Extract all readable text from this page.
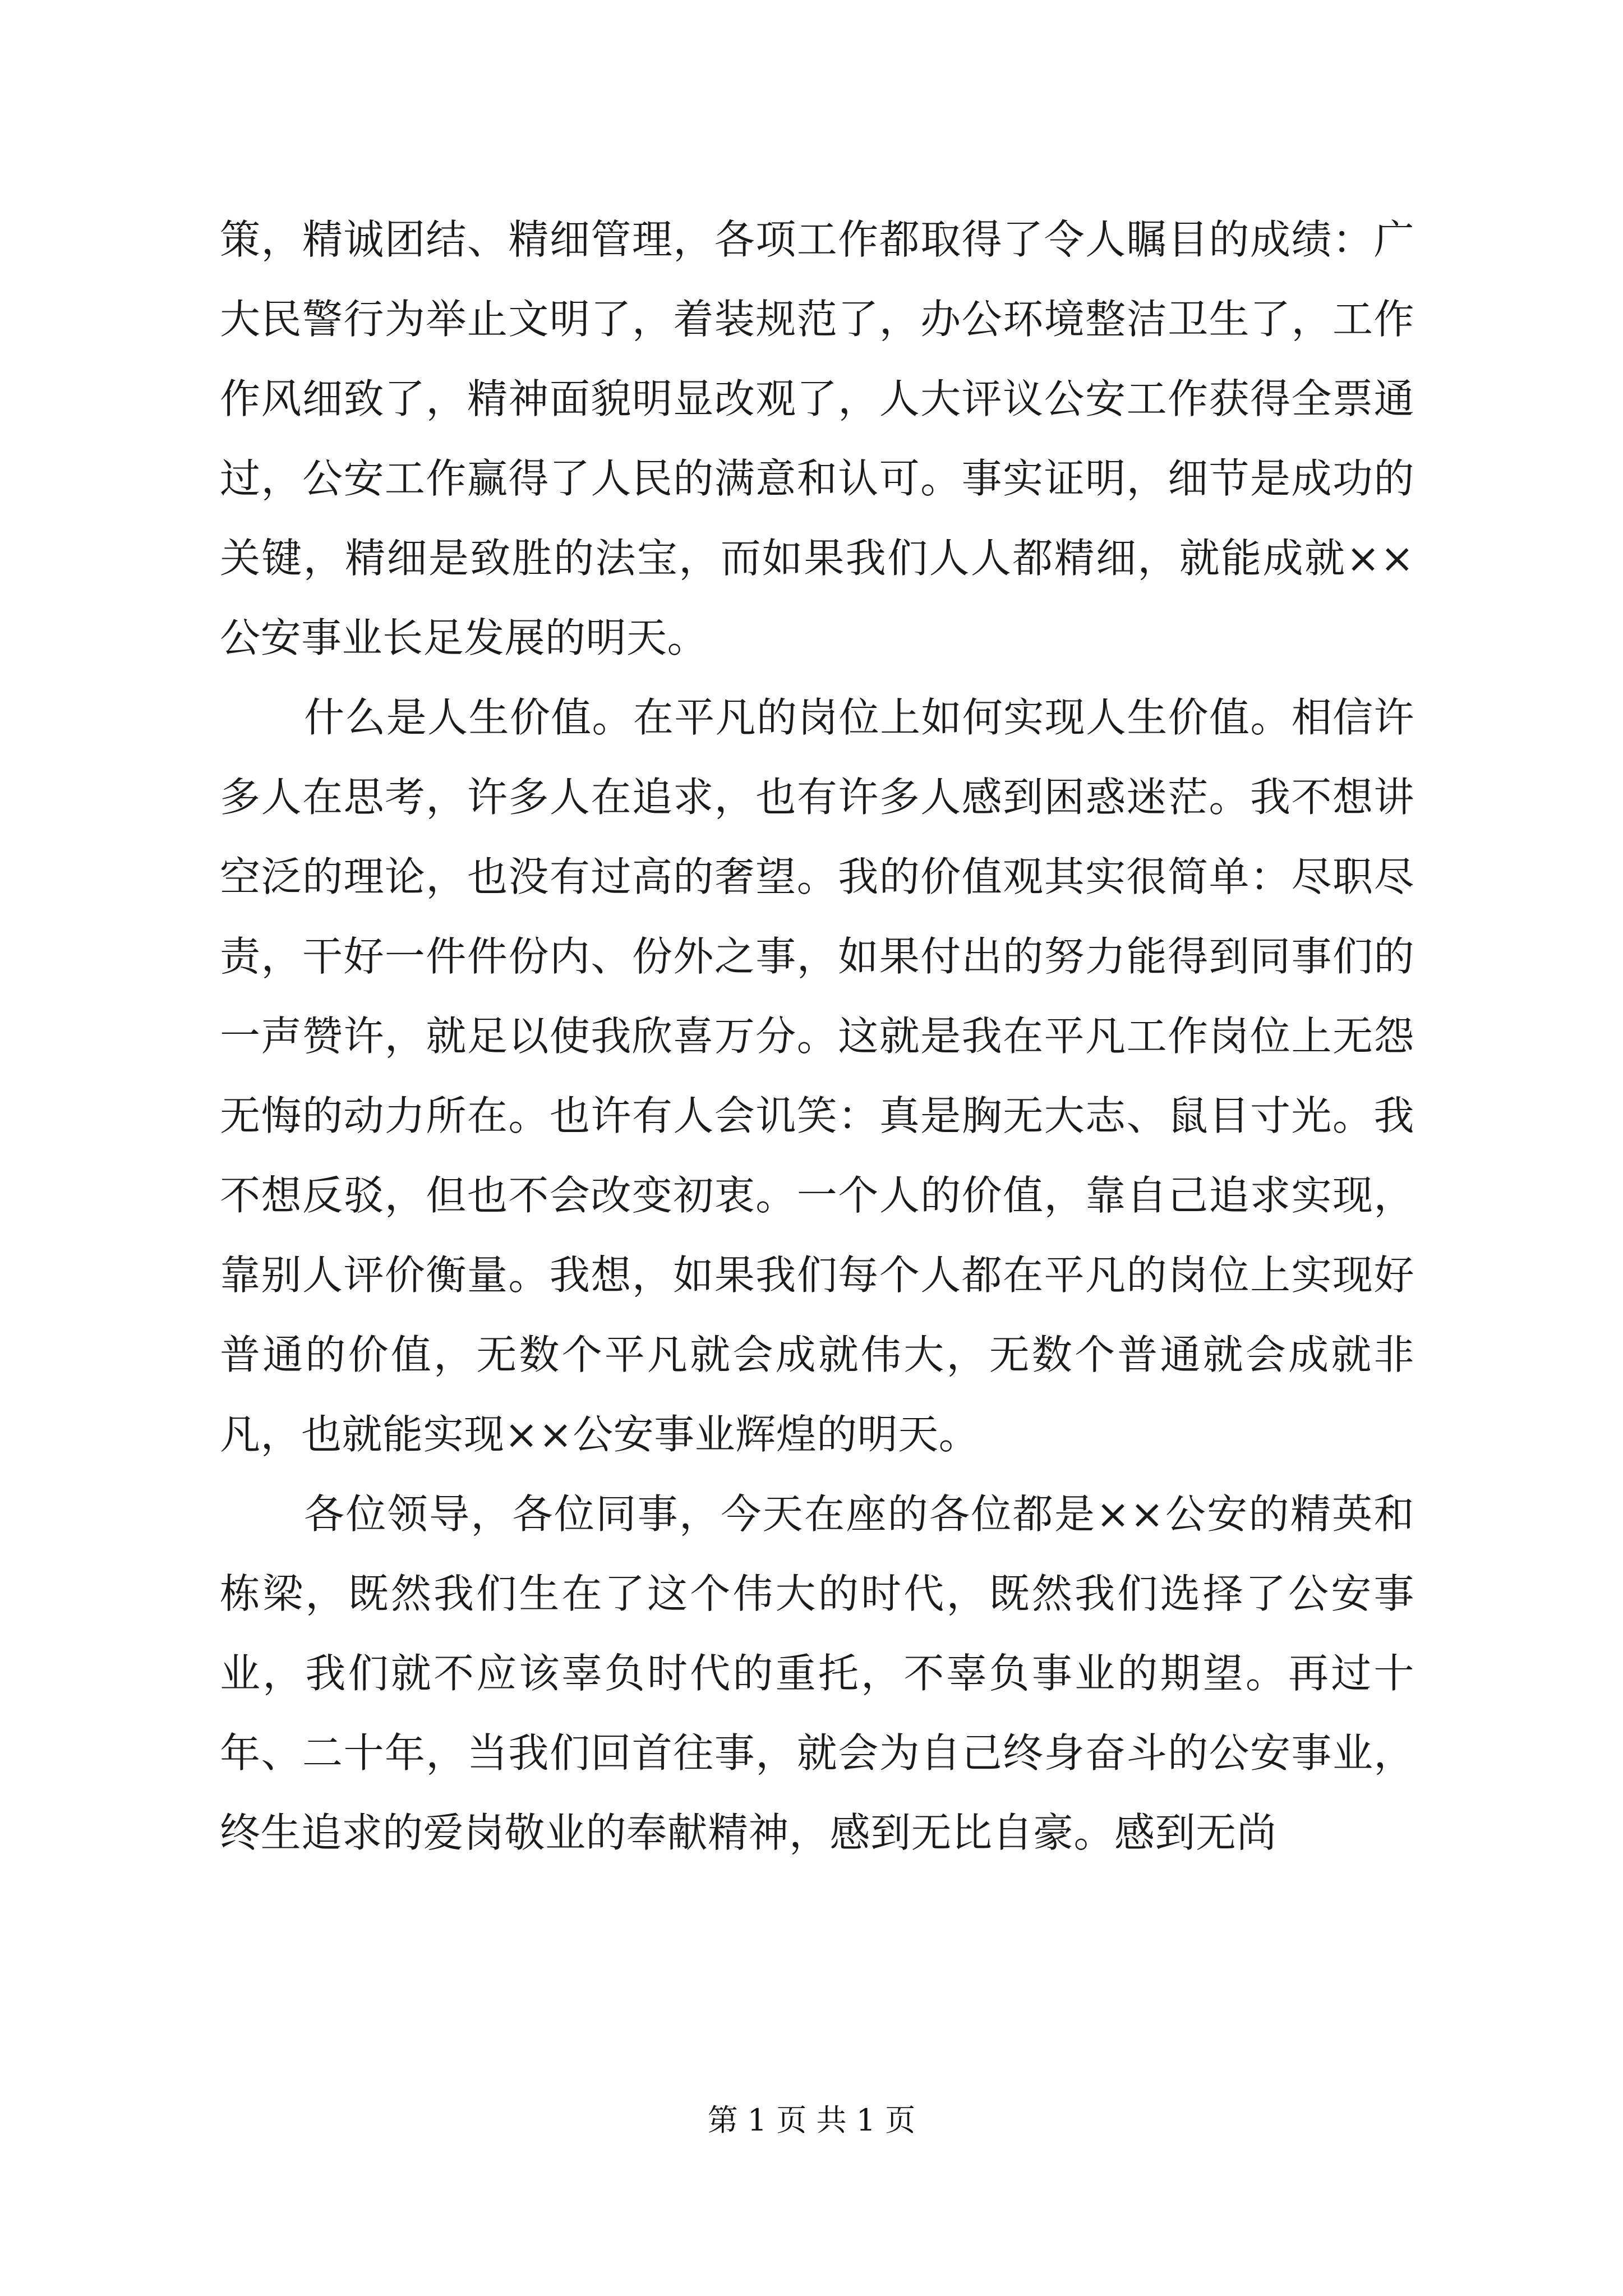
策，精诚团结、精细管理，各项工作都取得了令人瞩目的成绩：广大民警行为举止文明了，着装规范了，办公环境整洁卫生了，工作作风细致了，精神面貌明显改观了，人大评议公安工作获得全票通过，公安工作赢得了人民的满意和认可。事实证明，细节是成功的关键，精细是致胜的法宝，而如果我们人人都精细，就能成就××公安事业长足发展的明天。

什么是人生价值。在平凡的岗位上如何实现人生价值。相信许多人在思考，许多人在追求，也有许多人感到困惑迷茫。我不想讲空泛的理论，也没有过高的奢望。我的价值观其实很简单：尽职尽责，干好一件件份内、份外之事，如果付出的努力能得到同事们的一声赞许，就足以使我欣喜万分。这就是我在平凡工作岗位上无怨无悔的动力所在。也许有人会讥笑：真是胸无大志、鼠目寸光。我不想反驳，但也不会改变初衷。一个人的价值，靠自己追求实现，靠别人评价衡量。我想，如果我们每个人都在平凡的岗位上实现好普通的价值，无数个平凡就会成就伟大，无数个普通就会成就非凡，也就能实现××公安事业辉煌的明天。

各位领导，各位同事，今天在座的各位都是××公安的精英和栋梁，既然我们生在了这个伟大的时代，既然我们选择了公安事业，我们就不应该辜负时代的重托，不辜负事业的期望。再过十年、二十年，当我们回首往事，就会为自己终身奋斗的公安事业，终生追求的爱岗敬业的奉献精神，感到无比自豪。感到无尚

第 1 页 共 1 页
